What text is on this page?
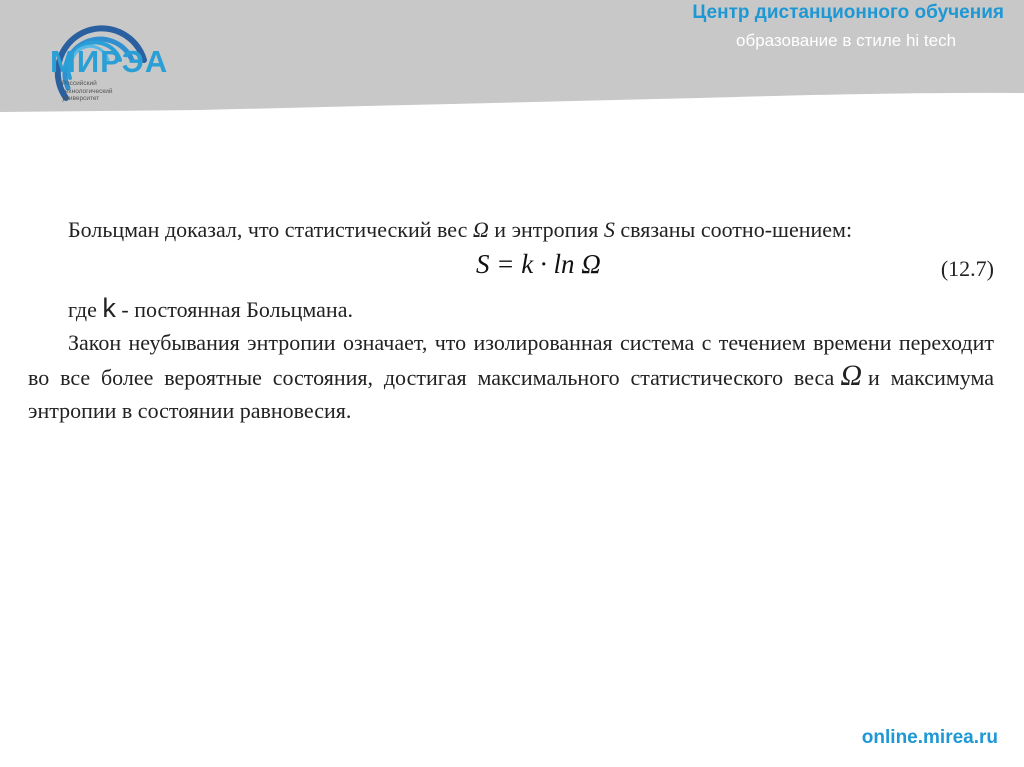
МИРЭА
Российский технологический университет
Центр дистанционного обучения
образование в стиле hi tech

Больцман доказал, что статистический вес Ω и энтропия S связаны соотно-шением:

S = k · ln Ω	(12.7)

где k - постоянная Больцмана.

Закон неубывания энтропии означает, что изолированная система с течением времени переходит во все более вероятные состояния, достигая максимального статистического веса Ω и максимума энтропии в состоянии равновесия.

online.mirea.ru
